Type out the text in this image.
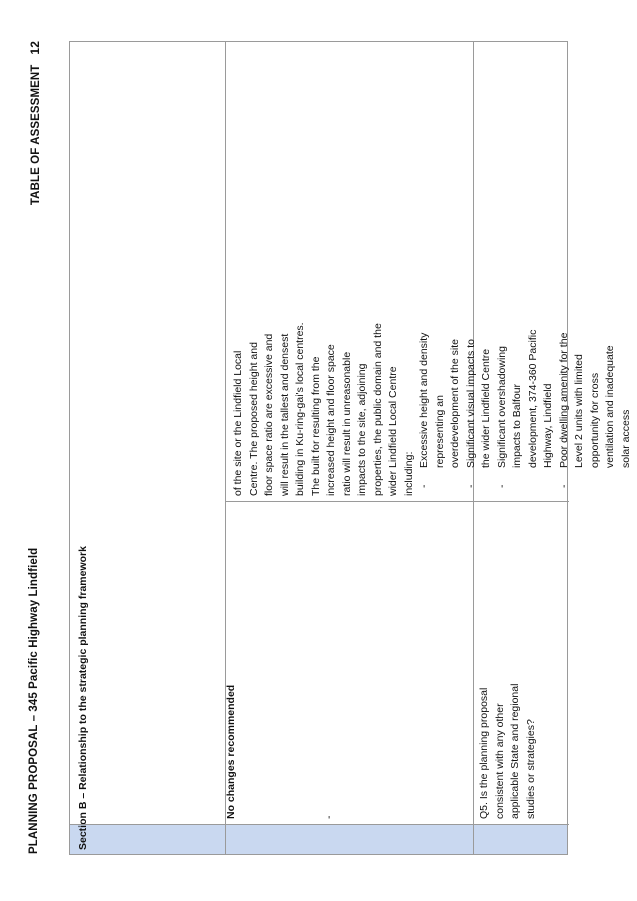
PLANNING PROPOSAL – 345 Pacific Highway Lindfield
TABLE OF ASSESSMENT12
Section B – Relationship to the strategic planning framework	Q5. Is the planning proposal consistent with any other applicable State and regional studies or strategies?
-
No changes recommended

of the site or the Lindfield Local Centre. The proposed height and floor space ratio are excessive and will result in the tallest and densest building in Ku-ring-gai's local centres. The built for resulting from the increased height and floor space ratio will result in unreasonable impacts to the site, adjoining properties, the public domain and the wider Lindfield Local Centre including: -
Excessive height and density representing an overdevelopment of the site
-
Significant visual impacts to the wider Lindfield Centre
-
Significant overshadowing impacts to Balfour development, 374-360 Pacific Highway, Lindfield
-
Poor dwelling amenity for the Level 2 units with limited opportunity for cross ventilation and inadequate solar access
